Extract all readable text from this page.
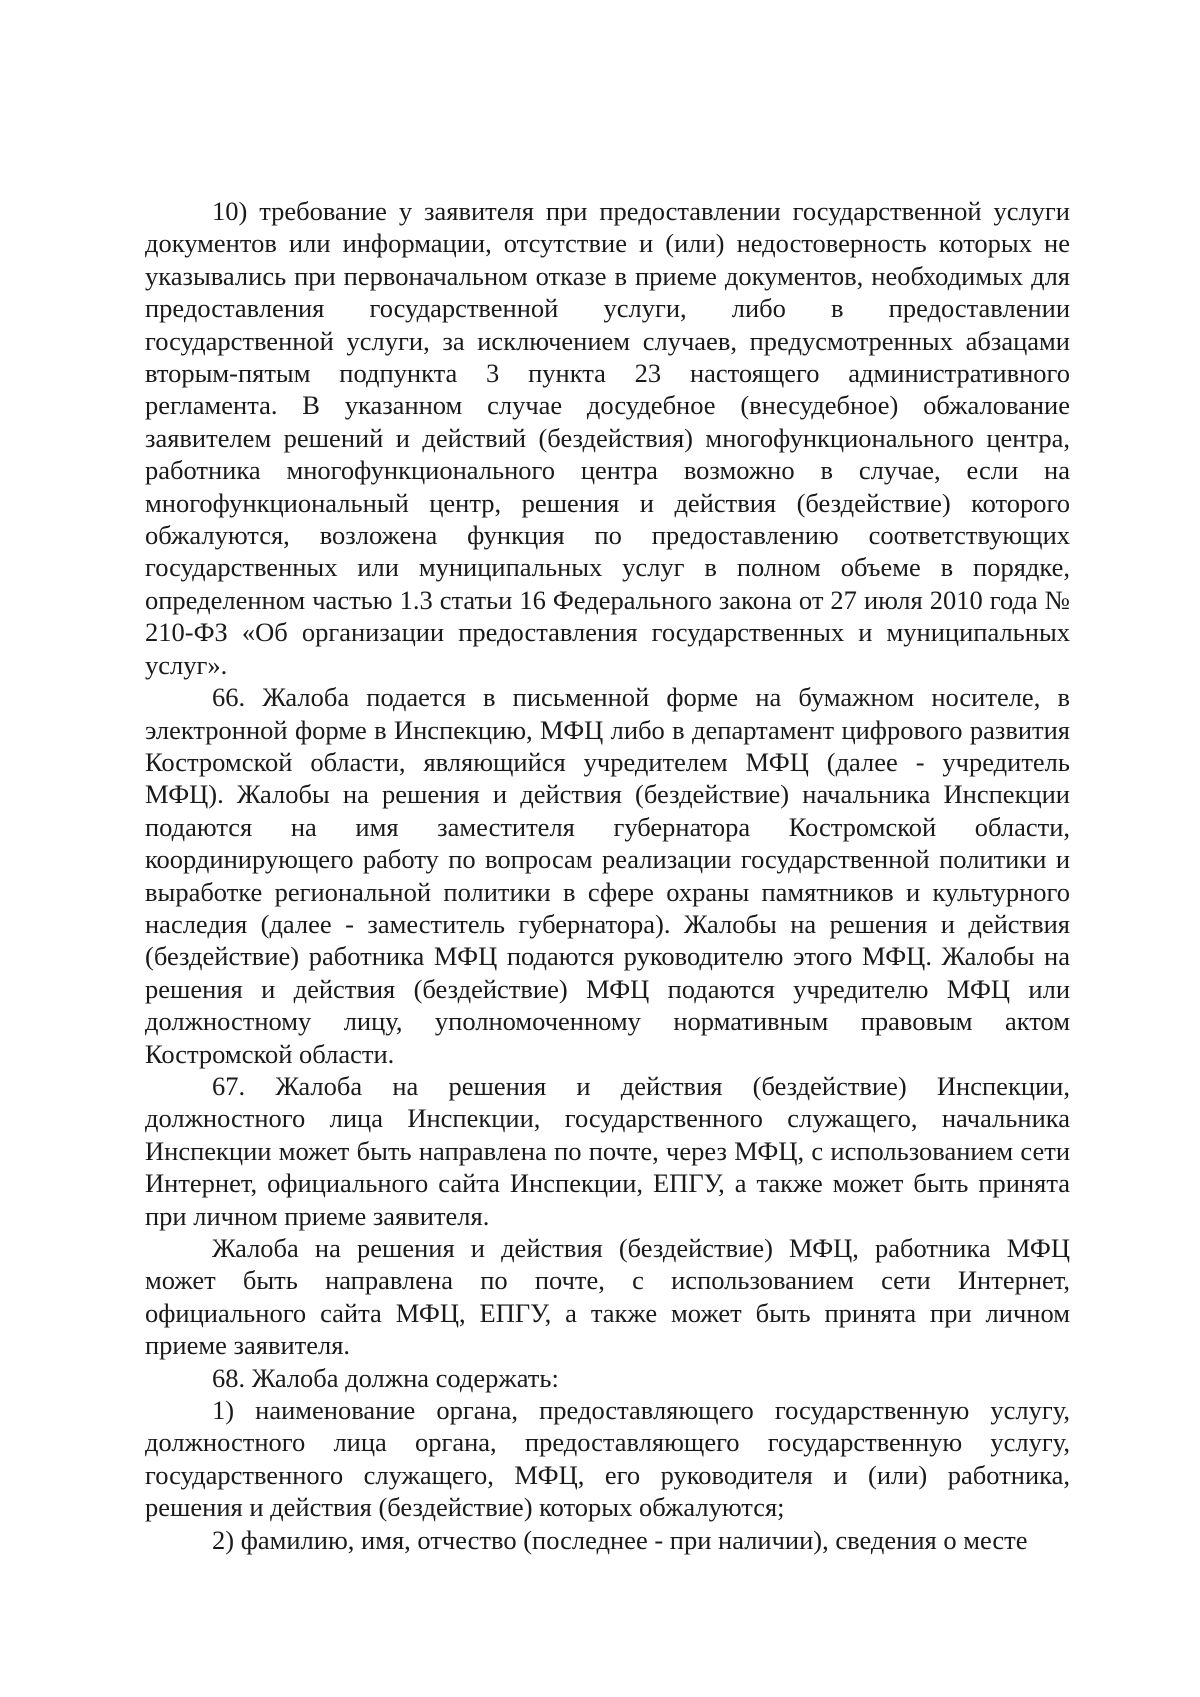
10) требование у заявителя при предоставлении государственной услуги документов или информации, отсутствие и (или) недостоверность которых не указывались при первоначальном отказе в приеме документов, необходимых для предоставления государственной услуги, либо в предоставлении государственной услуги, за исключением случаев, предусмотренных абзацами вторым-пятым подпункта 3 пункта 23 настоящего административного регламента. В указанном случае досудебное (внесудебное) обжалование заявителем решений и действий (бездействия) многофункционального центра, работника многофункционального центра возможно в случае, если на многофункциональный центр, решения и действия (бездействие) которого обжалуются, возложена функция по предоставлению соответствующих государственных или муниципальных услуг в полном объеме в порядке, определенном частью 1.3 статьи 16 Федерального закона от 27 июля 2010 года № 210-ФЗ «Об организации предоставления государственных и муниципальных услуг».

66. Жалоба подается в письменной форме на бумажном носителе, в электронной форме в Инспекцию, МФЦ либо в департамент цифрового развития Костромской области, являющийся учредителем МФЦ (далее - учредитель МФЦ). Жалобы на решения и действия (бездействие) начальника Инспекции подаются на имя заместителя губернатора Костромской области, координирующего работу по вопросам реализации государственной политики и выработке региональной политики в сфере охраны памятников и культурного наследия (далее - заместитель губернатора). Жалобы на решения и действия (бездействие) работника МФЦ подаются руководителю этого МФЦ. Жалобы на решения и действия (бездействие) МФЦ подаются учредителю МФЦ или должностному лицу, уполномоченному нормативным правовым актом Костромской области.

67. Жалоба на решения и действия (бездействие) Инспекции, должностного лица Инспекции, государственного служащего, начальника Инспекции может быть направлена по почте, через МФЦ, с использованием сети Интернет, официального сайта Инспекции, ЕПГУ, а также может быть принята при личном приеме заявителя.

Жалоба на решения и действия (бездействие) МФЦ, работника МФЦ может быть направлена по почте, с использованием сети Интернет, официального сайта МФЦ, ЕПГУ, а также может быть принята при личном приеме заявителя.

68. Жалоба должна содержать:

1) наименование органа, предоставляющего государственную услугу, должностного лица органа, предоставляющего государственную услугу, государственного служащего, МФЦ, его руководителя и (или) работника, решения и действия (бездействие) которых обжалуются;

2) фамилию, имя, отчество (последнее - при наличии), сведения о месте
